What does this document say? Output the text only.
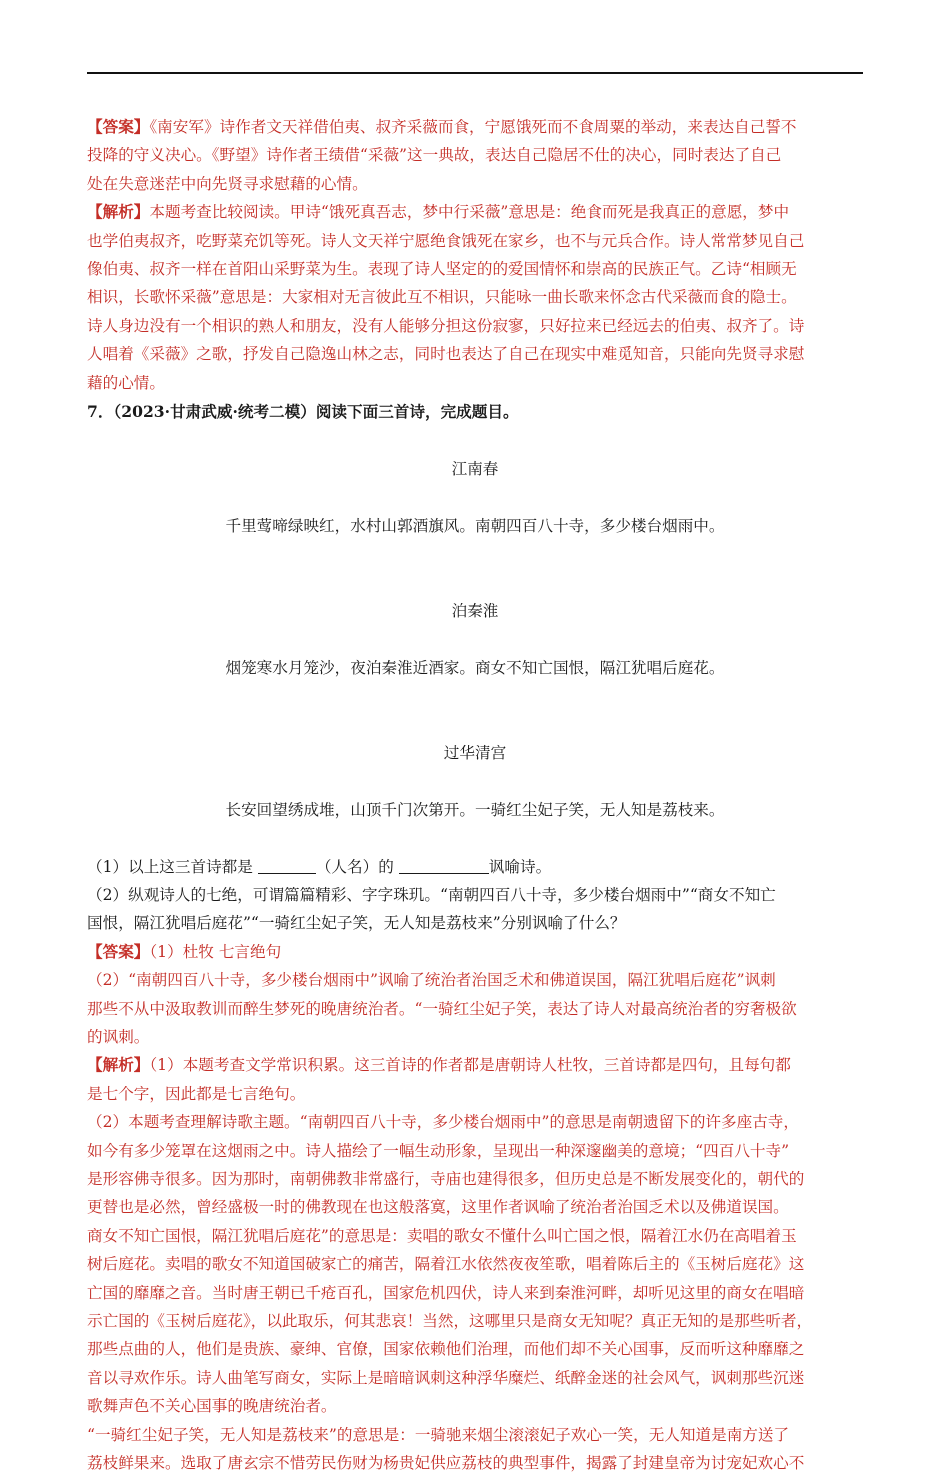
【答案】《南安军》诗作者文天祥借伯夷、叔齐采薇而食，宁愿饿死而不食周粟的举动，来表达自己誓不
投降的守义决心。《野望》诗作者王绩借“采薇”这一典故，表达自己隐居不仕的决心，同时表达了自己
处在失意迷茫中向先贤寻求慰藉的心情。

【解析】本题考查比较阅读。甲诗“饿死真吾志，梦中行采薇”意思是：绝食而死是我真正的意愿，梦中
也学伯夷叔齐，吃野菜充饥等死。诗人文天祥宁愿绝食饿死在家乡，也不与元兵合作。诗人常常梦见自己
像伯夷、叔齐一样在首阳山采野菜为生。表现了诗人坚定的的爱国情怀和崇高的民族正气。乙诗“相顾无
相识，长歌怀采薇”意思是：大家相对无言彼此互不相识，只能咏一曲长歌来怀念古代采薇而食的隐士。
诗人身边没有一个相识的熟人和朋友，没有人能够分担这份寂寥，只好拉来已经远去的伯夷、叔齐了。诗
人唱着《采薇》之歌，抒发自己隐逸山林之志，同时也表达了自己在现实中难觅知音，只能向先贤寻求慰
藉的心情。

7．（2023·甘肃武威·统考二模）阅读下面三首诗，完成题目。

江南春

千里莺啼绿映红，水村山郭酒旗风。南朝四百八十寺，多少楼台烟雨中。

泊秦淮

烟笼寒水月笼沙，夜泊秦淮近酒家。商女不知亡国恨，隔江犹唱后庭花。

过华清宫

长安回望绣成堆，山顶千门次第开。一骑红尘妃子笑，无人知是荔枝来。

（1）以上这三首诗都是	（人名）的	讽喻诗。

（2）纵观诗人的七绝，可谓篇篇精彩、字字珠玑。“南朝四百八十寺，多少楼台烟雨中”“商女不知亡
国恨，隔江犹唱后庭花”“一骑红尘妃子笑，无人知是荔枝来”分别讽喻了什么？

【答案】（1）杜牧 七言绝句

（2）“南朝四百八十寺，多少楼台烟雨中”讽喻了统治者治国乏术和佛道误国，隔江犹唱后庭花”讽刺
那些不从中汲取教训而醉生梦死的晚唐统治者。“一骑红尘妃子笑，表达了诗人对最高统治者的穷奢极欲
的讽刺。

【解析】（1）本题考查文学常识积累。这三首诗的作者都是唐朝诗人杜牧，三首诗都是四句，且每句都
是七个字，因此都是七言绝句。

（2）本题考查理解诗歌主题。“南朝四百八十寺，多少楼台烟雨中”的意思是南朝遗留下的许多座古寺，
如今有多少笼罩在这烟雨之中。诗人描绘了一幅生动形象，呈现出一种深邃幽美的意境；“四百八十寺”
是形容佛寺很多。因为那时，南朝佛教非常盛行，寺庙也建得很多，但历史总是不断发展变化的，朝代的
更替也是必然，曾经盛极一时的佛教现在也这般落寞，这里作者讽喻了统治者治国乏术以及佛道误国。
商女不知亡国恨，隔江犹唱后庭花”的意思是：卖唱的歌女不懂什么叫亡国之恨，隔着江水仍在高唱着玉
树后庭花。卖唱的歌女不知道国破家亡的痛苦，隔着江水依然夜夜笙歌，唱着陈后主的《玉树后庭花》这
亡国的靡靡之音。当时唐王朝已千疮百孔，国家危机四伏，诗人来到秦淮河畔，却听见这里的商女在唱暗
示亡国的《玉树后庭花》，以此取乐，何其悲哀！当然，这哪里只是商女无知呢？真正无知的是那些听者，
那些点曲的人，他们是贵族、豪绅、官僚，国家依赖他们治理，而他们却不关心国事，反而听这种靡靡之
音以寻欢作乐。诗人曲笔写商女，实际上是暗暗讽刺这种浮华糜烂、纸醉金迷的社会风气，讽刺那些沉迷
歌舞声色不关心国事的晚唐统治者。

“一骑红尘妃子笑，无人知是荔枝来”的意思是：一骑驰来烟尘滚滚妃子欢心一笑，无人知道是南方送了
荔枝鲜果来。选取了唐玄宗不惜劳民伤财为杨贵妃供应荔枝的典型事件，揭露了封建皇帝为讨宠妃欢心不
